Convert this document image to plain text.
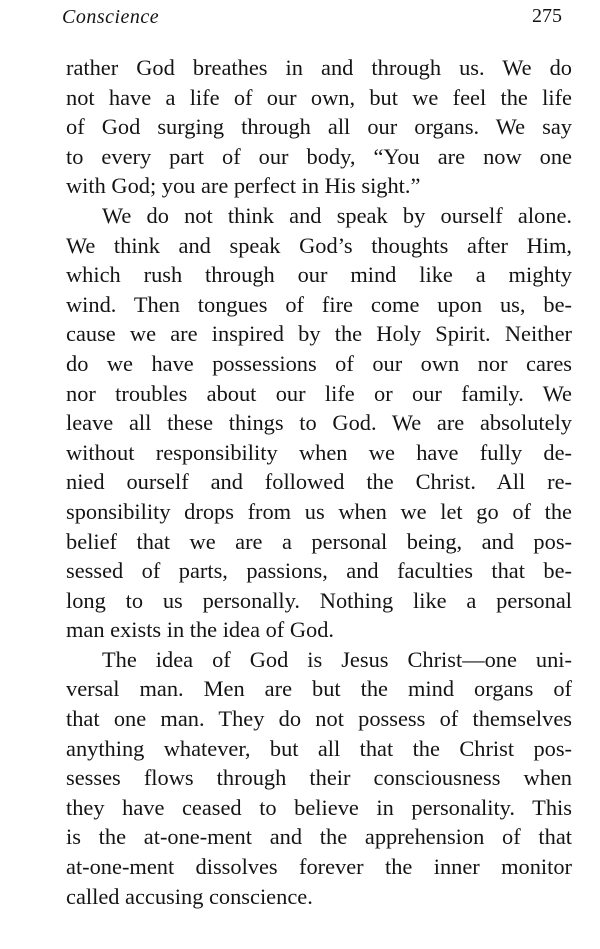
Conscience	275
rather God breathes in and through us. We do
not have a life of our own, but we feel the life
of God surging through all our organs. We say
to every part of our body, “You are now one
with God; you are perfect in His sight.”
We do not think and speak by ourself alone.
We think and speak God’s thoughts after Him,
which rush through our mind like a mighty
wind. Then tongues of fire come upon us, be-
cause we are inspired by the Holy Spirit. Neither
do we have possessions of our own nor cares
nor troubles about our life or our family. We
leave all these things to God. We are absolutely
without responsibility when we have fully de-
nied ourself and followed the Christ. All re-
sponsibility drops from us when we let go of the
belief that we are a personal being, and pos-
sessed of parts, passions, and faculties that be-
long to us personally. Nothing like a personal
man exists in the idea of God.
The idea of God is Jesus Christ—one uni-
versal man. Men are but the mind organs of
that one man. They do not possess of themselves
anything whatever, but all that the Christ pos-
sesses flows through their consciousness when
they have ceased to believe in personality. This
is the at-one-ment and the apprehension of that
at-one-ment dissolves forever the inner monitor
called accusing conscience.
